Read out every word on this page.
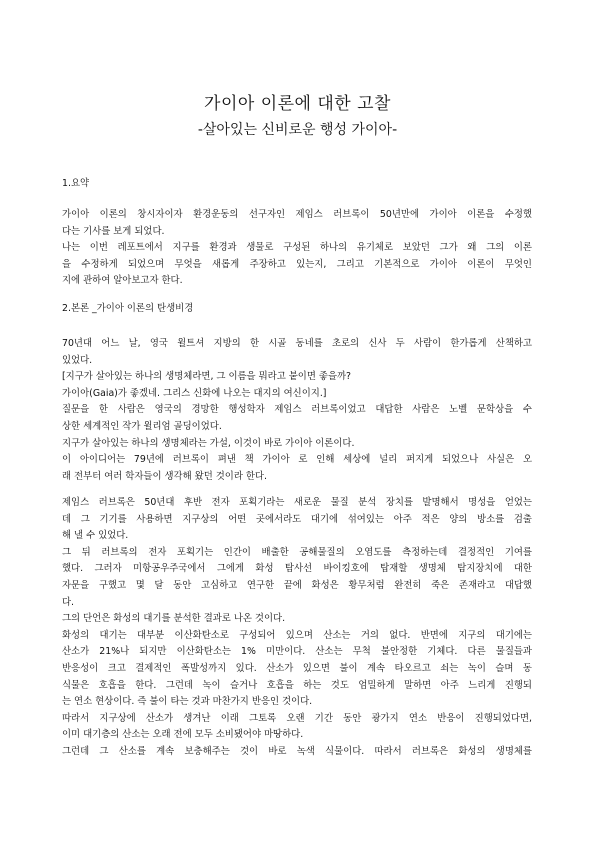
가이아 이론에 대한 고찰
-살아있는 신비로운 행성 가이아-
1.요약
가이아 이론의 창시자이자 환경운동의 선구자인 제임스 러브록이 50년만에 가이아 이론을 수정했
다는 기사를 보게 되었다.
나는 이번 레포트에서 지구를 환경과 생물로 구성된 하나의 유기체로 보았던 그가 왜 그의 이론
을 수정하게 되었으며 무엇을 새롭게 주장하고 있는지, 그리고 기본적으로 가이아 이론이 무엇인
지에 관하여 알아보고자 한다.
2.본론 _가이아 이론의 탄생비경
70년대 어느 날, 영국 윌트셔 지방의 한 시골 동네를 초로의 신사 두 사람이 한가롭게 산책하고
있었다.
[지구가 살아있는 하나의 생명체라면, 그 이름을 뭐라고 붙이면 좋을까?
가이아(Gaia)가 좋겠네. 그리스 신화에 나오는 대지의 여신이지.]
질문을 한 사람은 영국의 경망한 행성학자 제임스 러브록이었고 대답한 사람은 노벨 문학상을 수
상한 세계적인 작가 윌리엄 골딩이었다.
지구가 살아있는 하나의 생명체라는 가설, 이것이 바로 가이아 이론이다.
이 아이디어는 79년에 러브록이 펴낸 책 가이아 로 인해 세상에 널리 퍼지게 되었으나 사실은 오
래 전부터 여러 학자들이 생각해 왔던 것이라 한다.
제임스 러브록은 50년대 후반 전자 포획기라는 새로운 물질 분석 장치를 발명해서 명성을 얻었는
데 그 기기를 사용하면 지구상의 어떤 곳에서라도 대기에 섞여있는 아주 적은 양의 방소를 검출
해 낼 수 있었다.
그 뒤 러브록의 전자 포획기는 인간이 배출한 공해물질의 오염도를 측정하는데 결정적인 기여를
했다. 그러자 미항공우주국에서 그에게 화성 탐사선 바이킹호에 탑재할 생명체 탐지장치에 대한
자문을 구했고 몇 달 동안 고심하고 연구한 끝에 화성은 황무처럼 완전히 죽은 존재라고 대답했
다.
그의 단언은 화성의 대기를 분석한 결과로 나온 것이다.
화성의 대기는 대부분 이산화탄소로 구성되어 있으며 산소는 거의 없다. 반면에 지구의 대기에는
산소가 21%나 되지만 이산화탄소는 1% 미만이다. 산소는 무척 불안정한 기체다. 다른 물질들과
반응성이 크고 결제적인 폭발성까지 있다. 산소가 있으면 불이 계속 타오르고 쇠는 녹이 슬며 동
식물은 호흡을 한다. 그런데 녹이 슬거나 호흡을 하는 것도 엄밀하게 말하면 아주 느리게 진행되
는 연소 현상이다. 즉 불이 타는 것과 마찬가지 반응인 것이다.
따라서 지구상에 산소가 생겨난 이래 그토록 오랜 기간 동안 광가지 연소 반응이 진행되었다면,
이미 대기층의 산소는 오래 전에 모두 소비됐어야 마땅하다.
그런데 그 산소를 계속 보충해주는 것이 바로 녹색 식물이다. 따라서 러브록은 화성의 생명체를
